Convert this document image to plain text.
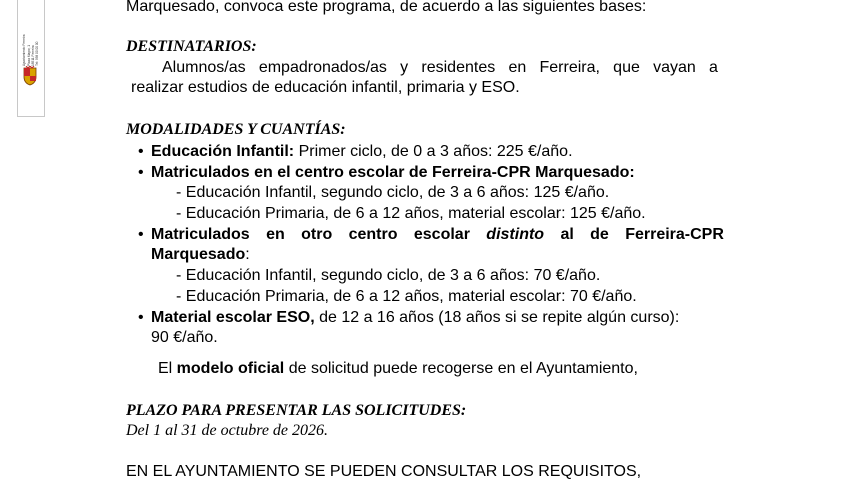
Ayuntamiento Ferreira Plaza Mayor, 1 18511 Ferreira Tel: 958 00 00 00
Marquesado, convoca este programa, de acuerdo a las siguientes bases:
DESTINATARIOS:
Alumnos/as empadronados/as y residentes en Ferreira, que vayan a
realizar estudios de educación infantil, primaria y ESO.
MODALIDADES Y CUANTÍAS:
• Educación Infantil: Primer ciclo, de 0 a 3 años: 225 €/año.
• Matriculados en el centro escolar de Ferreira-CPR Marquesado:
- Educación Infantil, segundo ciclo, de 3 a 6 años: 125 €/año.
- Educación Primaria, de 6 a 12 años, material escolar: 125 €/año.
• Matriculados en otro centro escolar distinto al de Ferreira-CPR
Marquesado:
- Educación Infantil, segundo ciclo, de 3 a 6 años: 70 €/año.
- Educación Primaria, de 6 a 12 años, material escolar: 70 €/año.
• Material escolar ESO, de 12 a 16 años (18 años si se repite algún curso):
90 €/año.
El modelo oficial de solicitud puede recogerse en el Ayuntamiento,
PLAZO PARA PRESENTAR LAS SOLICITUDES:
Del 1 al 31 de octubre de 2026.
EN EL AYUNTAMIENTO SE PUEDEN CONSULTAR LOS REQUISITOS,
